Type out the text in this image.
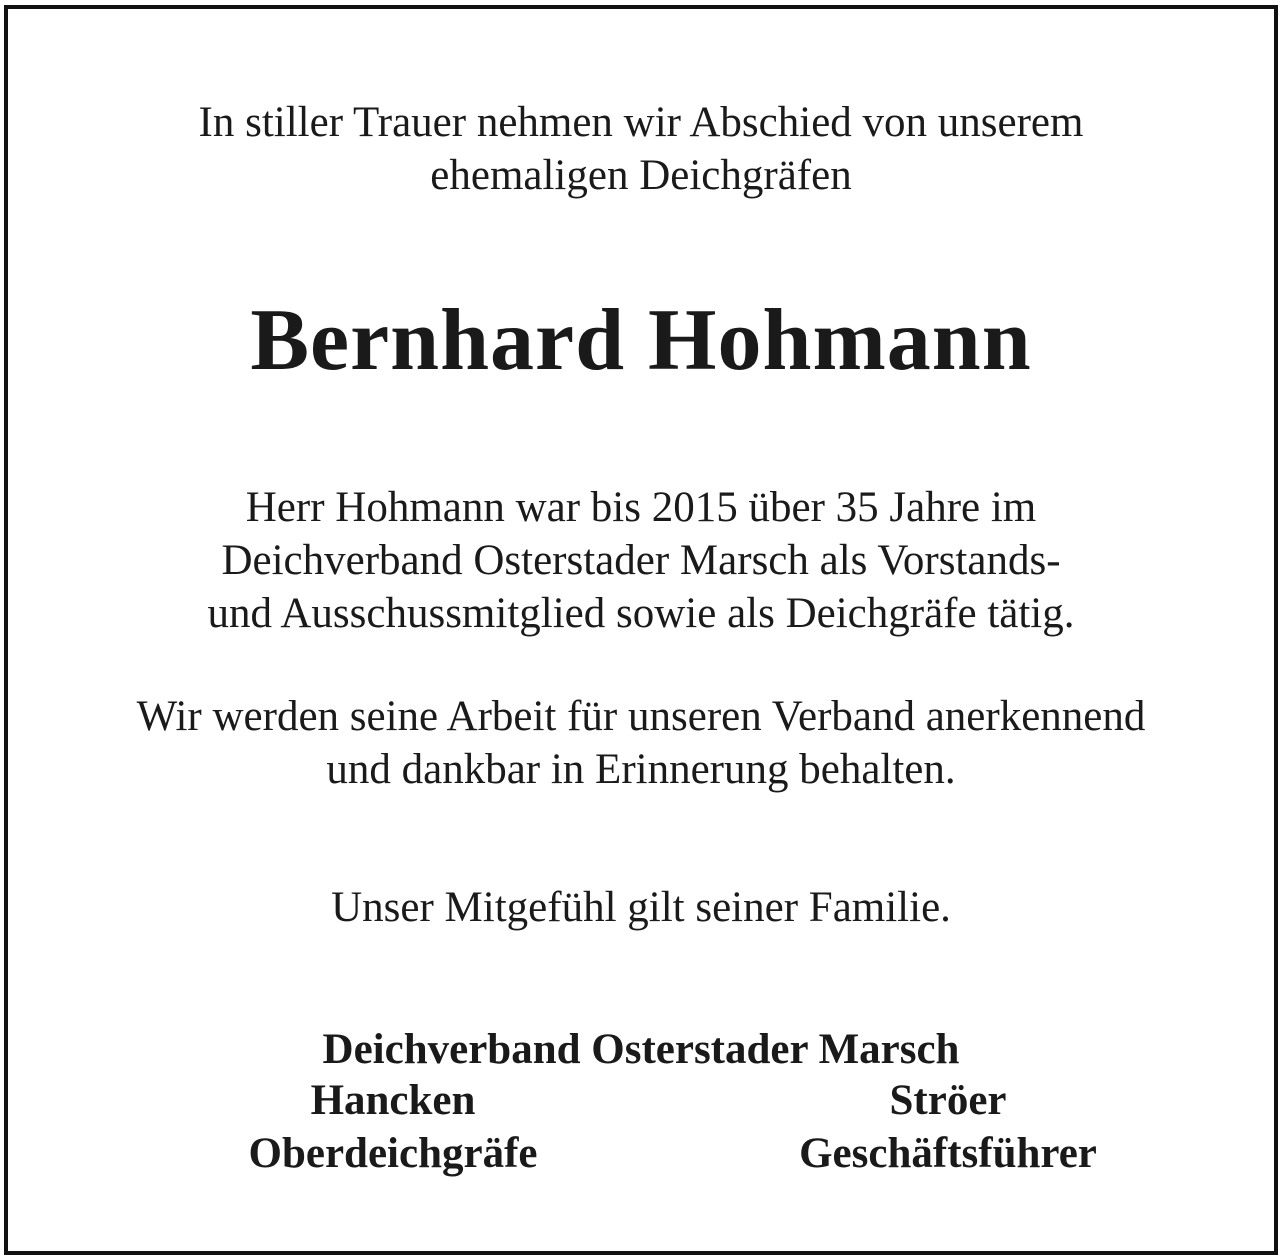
In stiller Trauer nehmen wir Abschied von unserem
ehemaligen Deichgräfen
Bernhard Hohmann
Herr Hohmann war bis 2015 über 35 Jahre im
Deichverband Osterstader Marsch als Vorstands-
und Ausschussmitglied sowie als Deichgräfe tätig.
Wir werden seine Arbeit für unseren Verband anerkennend
und dankbar in Erinnerung behalten.
Unser Mitgefühl gilt seiner Familie.
Deichverband Osterstader Marsch
Hancken
Oberdeichgräfe
Ströer
Geschäftsführer
